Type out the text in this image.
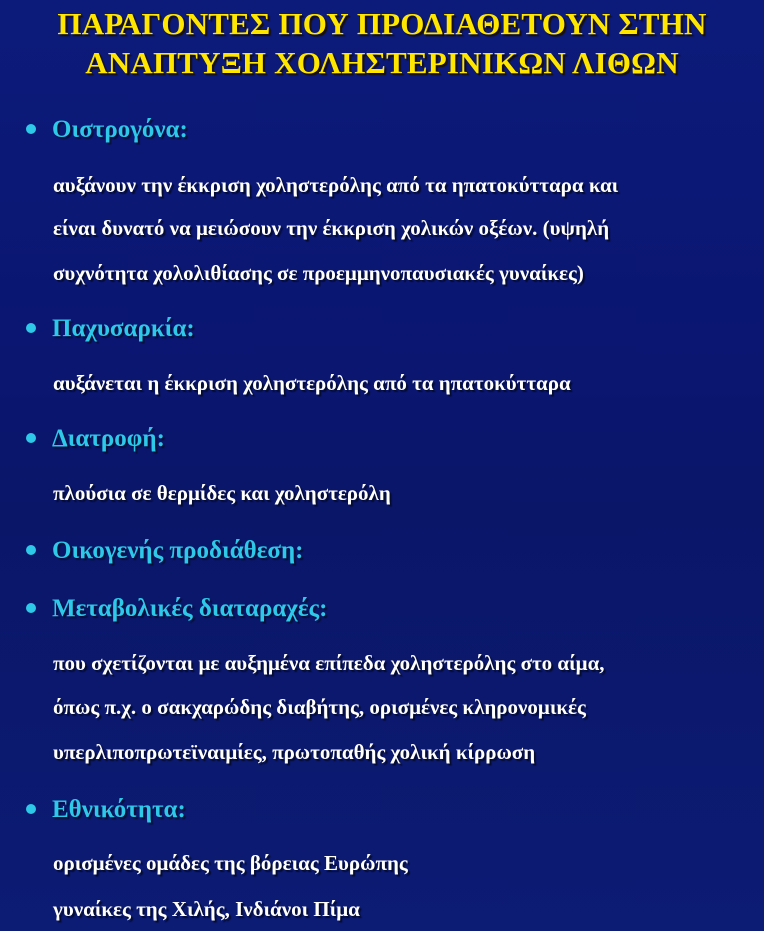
ΠΑΡΑΓΟΝΤΕΣ ΠΟΥ ΠΡΟΔΙΑΘΕΤΟΥΝ ΣΤΗΝ
ΑΝΑΠΤΥΞΗ ΧΟΛΗΣΤΕΡΙΝΙΚΩΝ ΛΙΘΩΝ
Οιστρογόνα:
αυξάνουν την έκκριση χοληστερόλης από τα ηπατοκύτταρα και
είναι δυνατό να μειώσουν την έκκριση χολικών οξέων. (υψηλή
συχνότητα χολολιθίασης σε προεμμηνοπαυσιακές γυναίκες)
Παχυσαρκία:
αυξάνεται η έκκριση χοληστερόλης από τα ηπατοκύτταρα
Διατροφή:
πλούσια σε θερμίδες και χοληστερόλη
Οικογενής προδιάθεση:
Μεταβολικές διαταραχές:
που σχετίζονται με αυξημένα επίπεδα χοληστερόλης στο αίμα,
όπως π.χ. ο σακχαρώδης διαβήτης, ορισμένες κληρονομικές
υπερλιποπρωτεϊναιμίες, πρωτοπαθής χολική κίρρωση
Εθνικότητα:
ορισμένες ομάδες της βόρειας Ευρώπης
γυναίκες της Χιλής, Ινδιάνοι Πίμα
